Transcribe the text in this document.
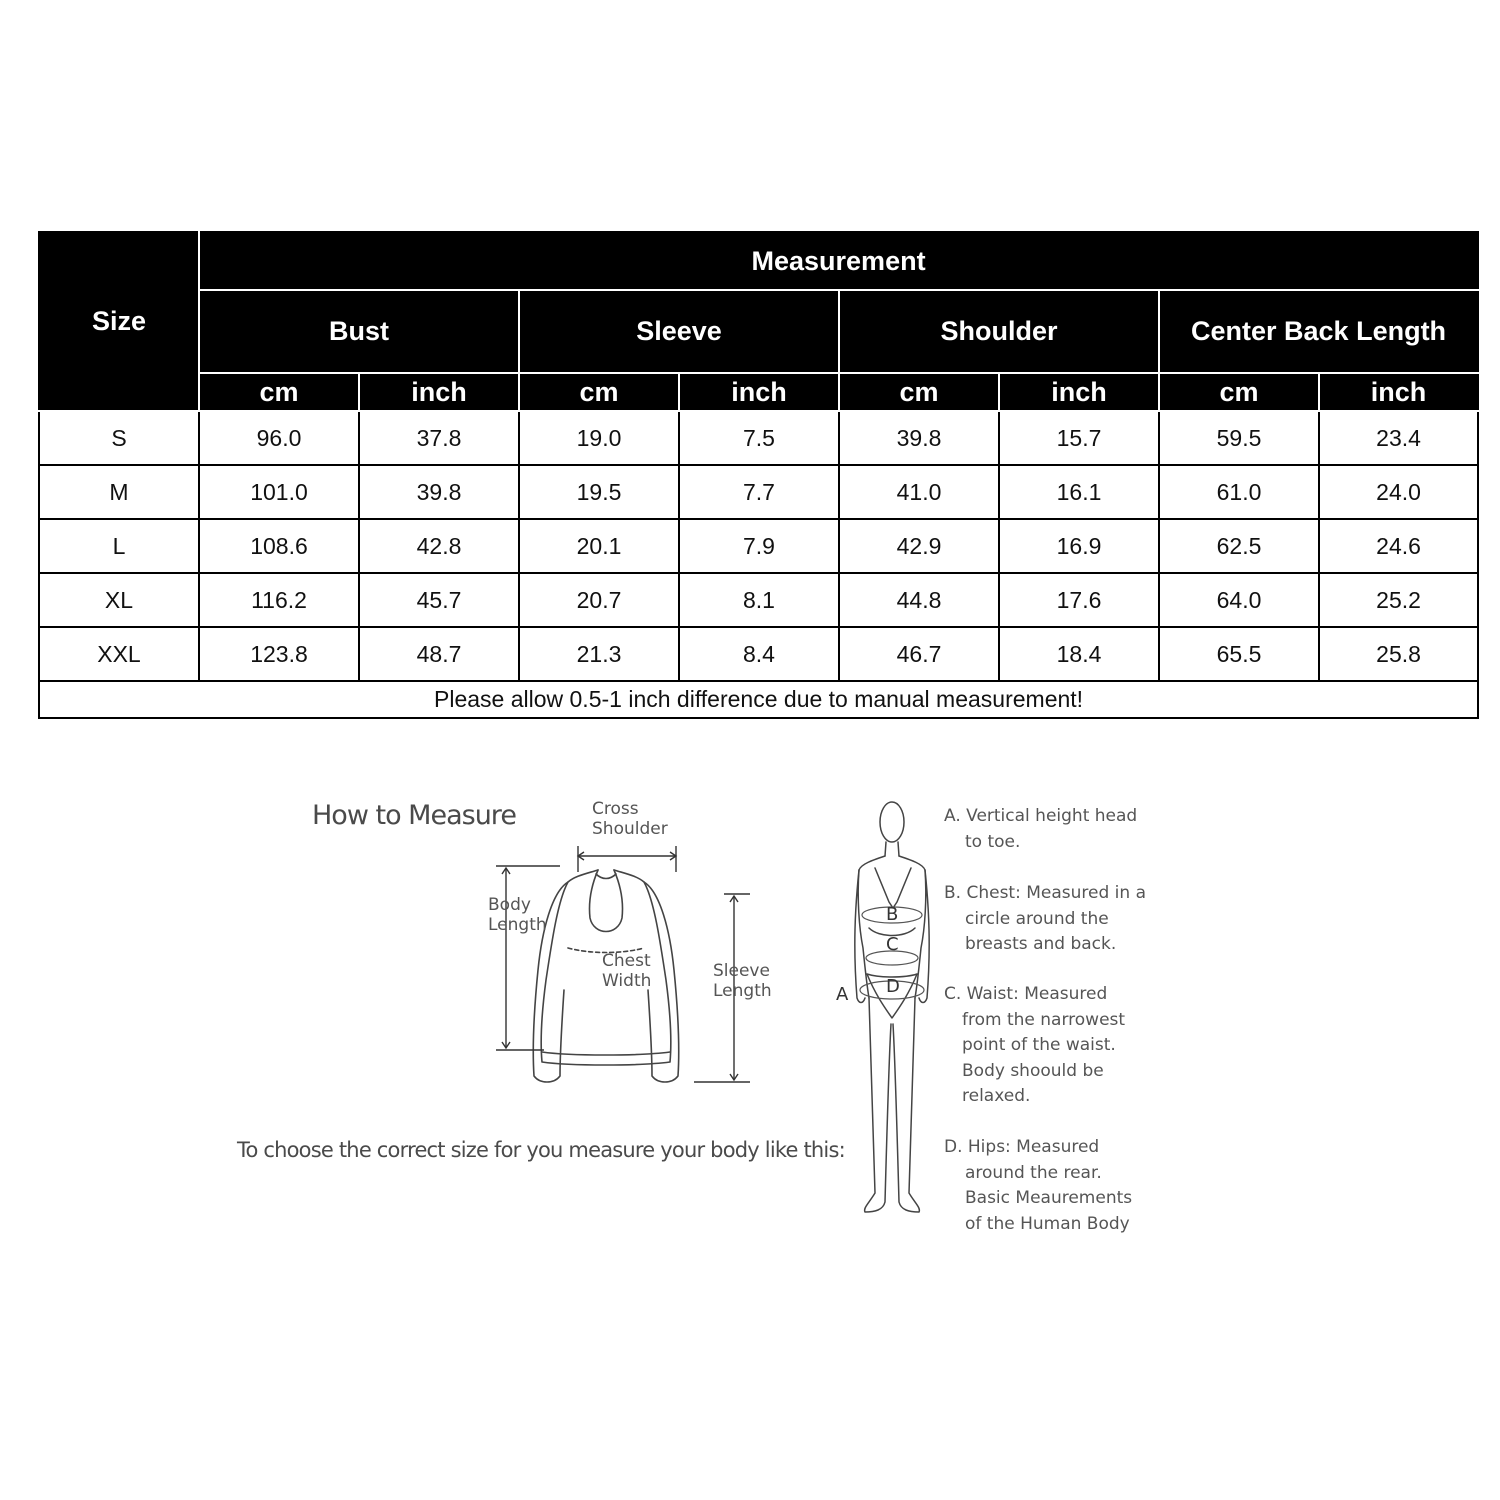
Size	Measurement							
	Bust		Sleeve		Shoulder		Center Back Length	
	cm	inch	cm	inch	cm	inch	cm	inch
S	96.0	37.8	19.0	7.5	39.8	15.7	59.5	23.4
M	101.0	39.8	19.5	7.7	41.0	16.1	61.0	24.0
L	108.6	42.8	20.1	7.9	42.9	16.9	62.5	24.6
XL	116.2	45.7	20.7	8.1	44.8	17.6	64.0	25.2
XXL	123.8	48.7	21.3	8.4	46.7	18.4	65.5	25.8
Please allow 0.5-1 inch difference due to manual measurement!								
How to Measure	Cross
Shoulder
Body
Length
Chest
Width	Sleeve
Length
To choose the correct size for you measure your body like this:
A
B
C
D
A. Vertical height head
to toe.
B. Chest: Measured in a
circle around the
breasts and back.
C. Waist: Measured
from the narrowest
point of the waist.
Body shoould be
relaxed.
D. Hips: Measured
around the rear.
Basic Meaurements
of the Human Body
